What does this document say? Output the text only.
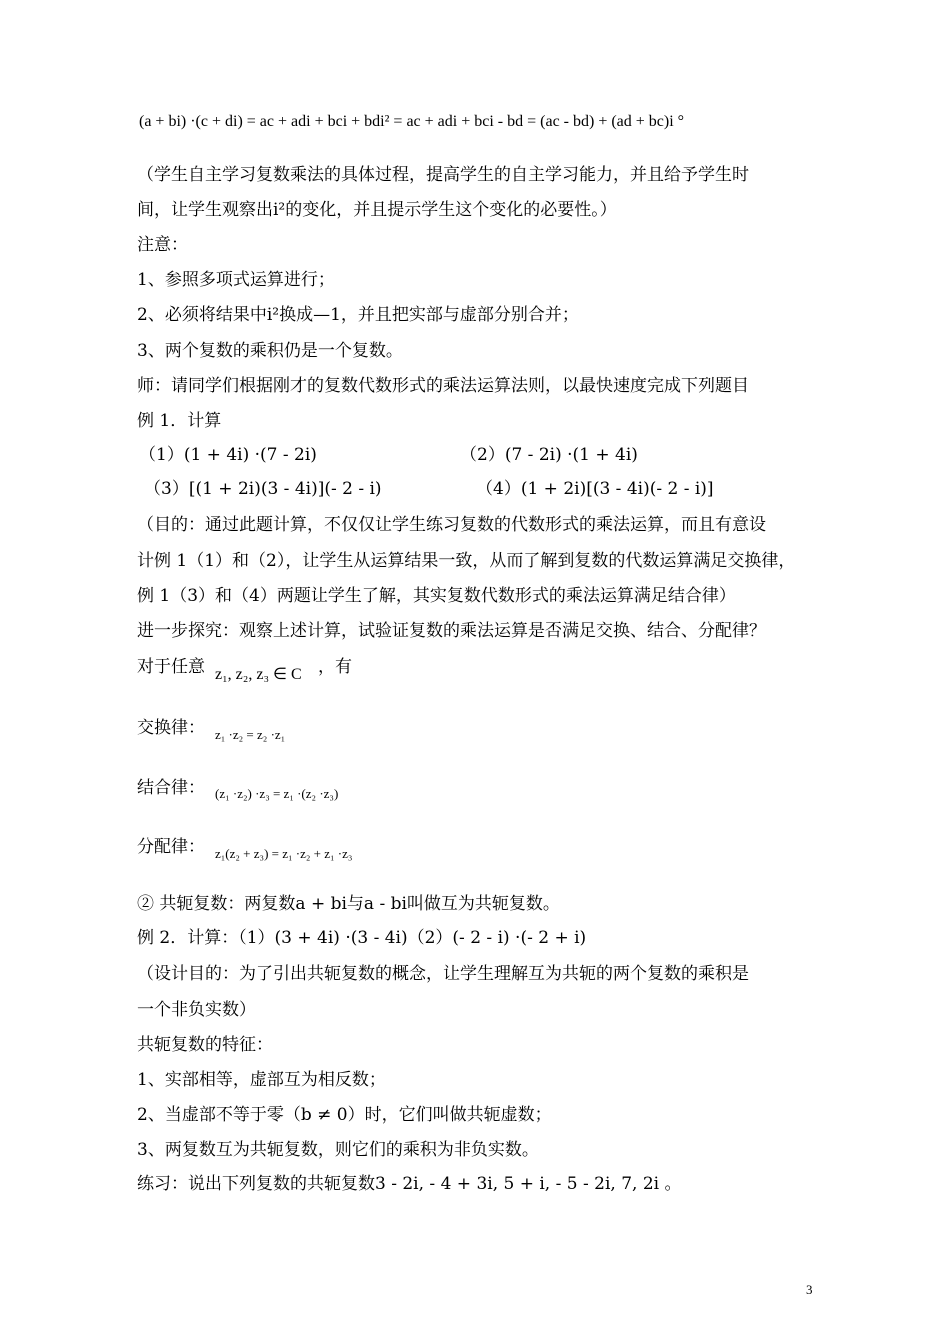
(a + bi) ·(c + di) = ac + adi + bci + bdi² = ac + adi + bci - bd = (ac - bd) + (ad + bc)i °
（学生自主学习复数乘法的具体过程，提高学生的自主学习能力，并且给予学生时
间，让学生观察出i²的变化，并且提示学生这个变化的必要性。）
注意：
1、参照多项式运算进行；
2、必须将结果中i²换成—1，并且把实部与虚部分别合并；
3、两个复数的乘积仍是一个复数。
师：请同学们根据刚才的复数代数形式的乘法运算法则，以最快速度完成下列题目
例 1．计算
（1）(1 + 4i) ·(7 - 2i)	（2）(7 - 2i) ·(1 + 4i)
（3）[(1 + 2i)(3 - 4i)](- 2 - i)	（4）(1 + 2i)[(3 - 4i)(- 2 - i)]
（目的：通过此题计算，不仅仅让学生练习复数的代数形式的乘法运算，而且有意设
计例 1（1）和（2），让学生从运算结果一致，从而了解到复数的代数运算满足交换律，
例 1（3）和（4）两题让学生了解，其实复数代数形式的乘法运算满足结合律）
进一步探究：观察上述计算，试验证复数的乘法运算是否满足交换、结合、分配律？
对于任意 z₁, z₂, z₃ ∈ C ，有
交换律： z₁ ·z₂ = z₂ ·z₁
结合律： (z₁ ·z₂) ·z₃ = z₁ ·(z₂ ·z₃)
分配律： z₁(z₂ + z₃) = z₁ ·z₂ + z₁ ·z₃
② 共轭复数：两复数a + bi与a - bi叫做互为共轭复数。
例 2．计算：（1）(3 + 4i) ·(3 - 4i)（2）(- 2 - i) ·(- 2 + i)
（设计目的：为了引出共轭复数的概念，让学生理解互为共轭的两个复数的乘积是
一个非负实数）
共轭复数的特征：
1、实部相等，虚部互为相反数；
2、当虚部不等于零（b ≠ 0）时，它们叫做共轭虚数；
3、两复数互为共轭复数，则它们的乘积为非负实数。
练习：说出下列复数的共轭复数3 - 2i, - 4 + 3i, 5 + i, - 5 - 2i, 7, 2i 。
3
